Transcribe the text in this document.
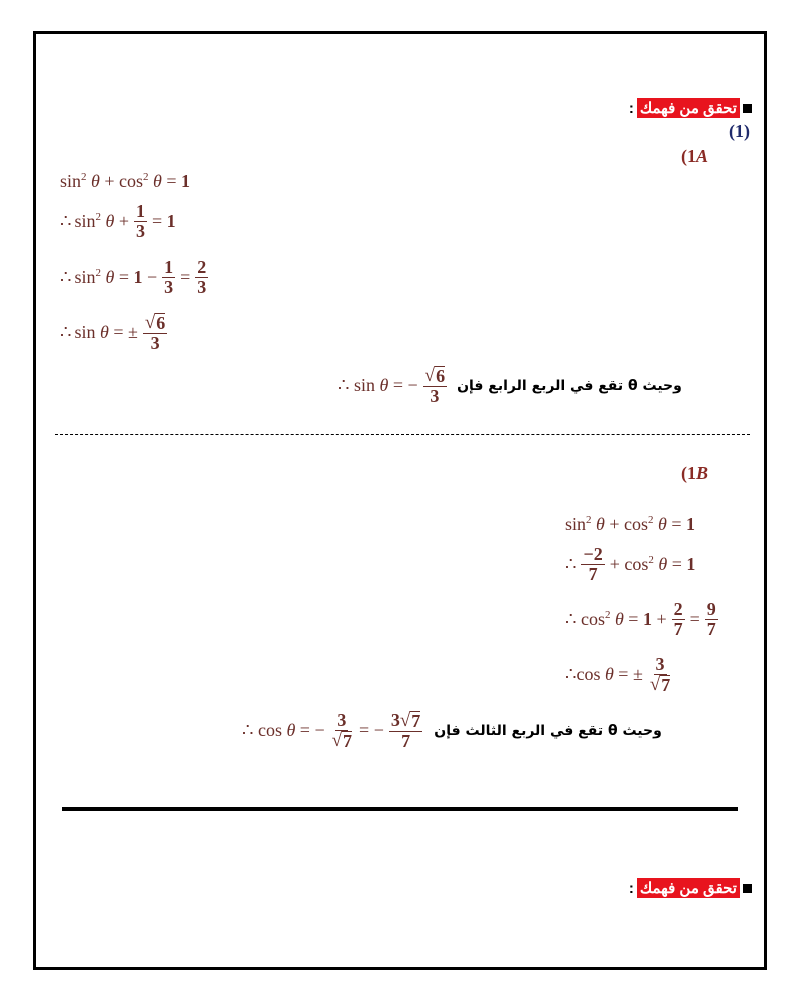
تحقق من فهمك
:
(1)
(1A
$\sin^2 \theta + \cos^2 \theta = 1$
∴ $\sin^2 \theta + \frac{1}{3} = 1$
∴ $\sin^2 \theta = 1 - \frac{1}{3} = \frac{2}{3}$
∴ sin θ = ± $\frac{√ 6}{3}$
∴ sin θ = − $\frac{√ 6}{3}$ وحيث θ تقع في الربع الرابع فإن
(1B
$\sin^2 \theta + \cos^2 \theta = 1$
∴ $\frac{-2}{7} + \cos^2 \theta = 1$
∴ $\cos^2 \theta = 1 + \frac{2}{7} = \frac{9}{7}$
∴cos θ = ± $\frac{3}{√ 7}$
∴ cos θ = − $\frac{3}{√ 7}$ = − $\frac{3 √ 7}{7}$ وحيث θ تقع في الربع الثالث فإن
تحقق من فهمك
:
